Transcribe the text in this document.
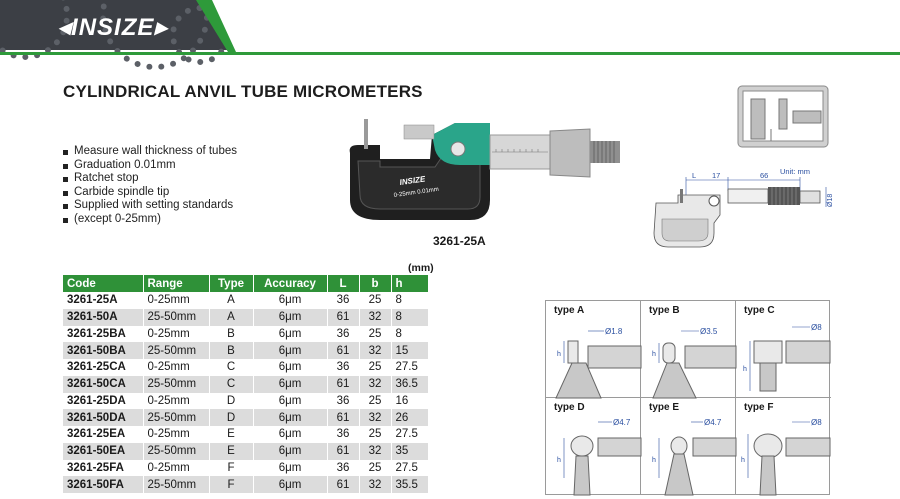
◂INSIZE▸
CYLINDRICAL ANVIL TUBE MICROMETERS
Measure wall thickness of tubes
Graduation 0.01mm
Ratchet stop
Carbide spindle tip
Supplied with setting standards
(except 0-25mm)
INSIZE
0-25mm 0.01mm
3261-25A
Unit: mm
L 17	66
Ø18
(mm)
Code	Range	Type	Accuracy	L	b	h
3261-25A	0-25mm	A	6μm	36	25	8
3261-50A	25-50mm	A	6μm	61	32	8
3261-25BA	0-25mm	B	6μm	36	25	8
3261-50BA	25-50mm	B	6μm	61	32	15
3261-25CA	0-25mm	C	6μm	36	25	27.5
3261-50CA	25-50mm	C	6μm	61	32	36.5
3261-25DA	0-25mm	D	6μm	36	25	16
3261-50DA	25-50mm	D	6μm	61	32	26
3261-25EA	0-25mm	E	6μm	36	25	27.5
3261-50EA	25-50mm	E	6μm	61	32	35
3261-25FA	0-25mm	F	6μm	36	25	27.5
3261-50FA	25-50mm	F	6μm	61	32	35.5
type A
Ø1.8
h
type B
Ø3.5
h
type C
Ø8
h
type D
Ø4.7
h
type E
Ø4.7
h
type F
Ø8
h
